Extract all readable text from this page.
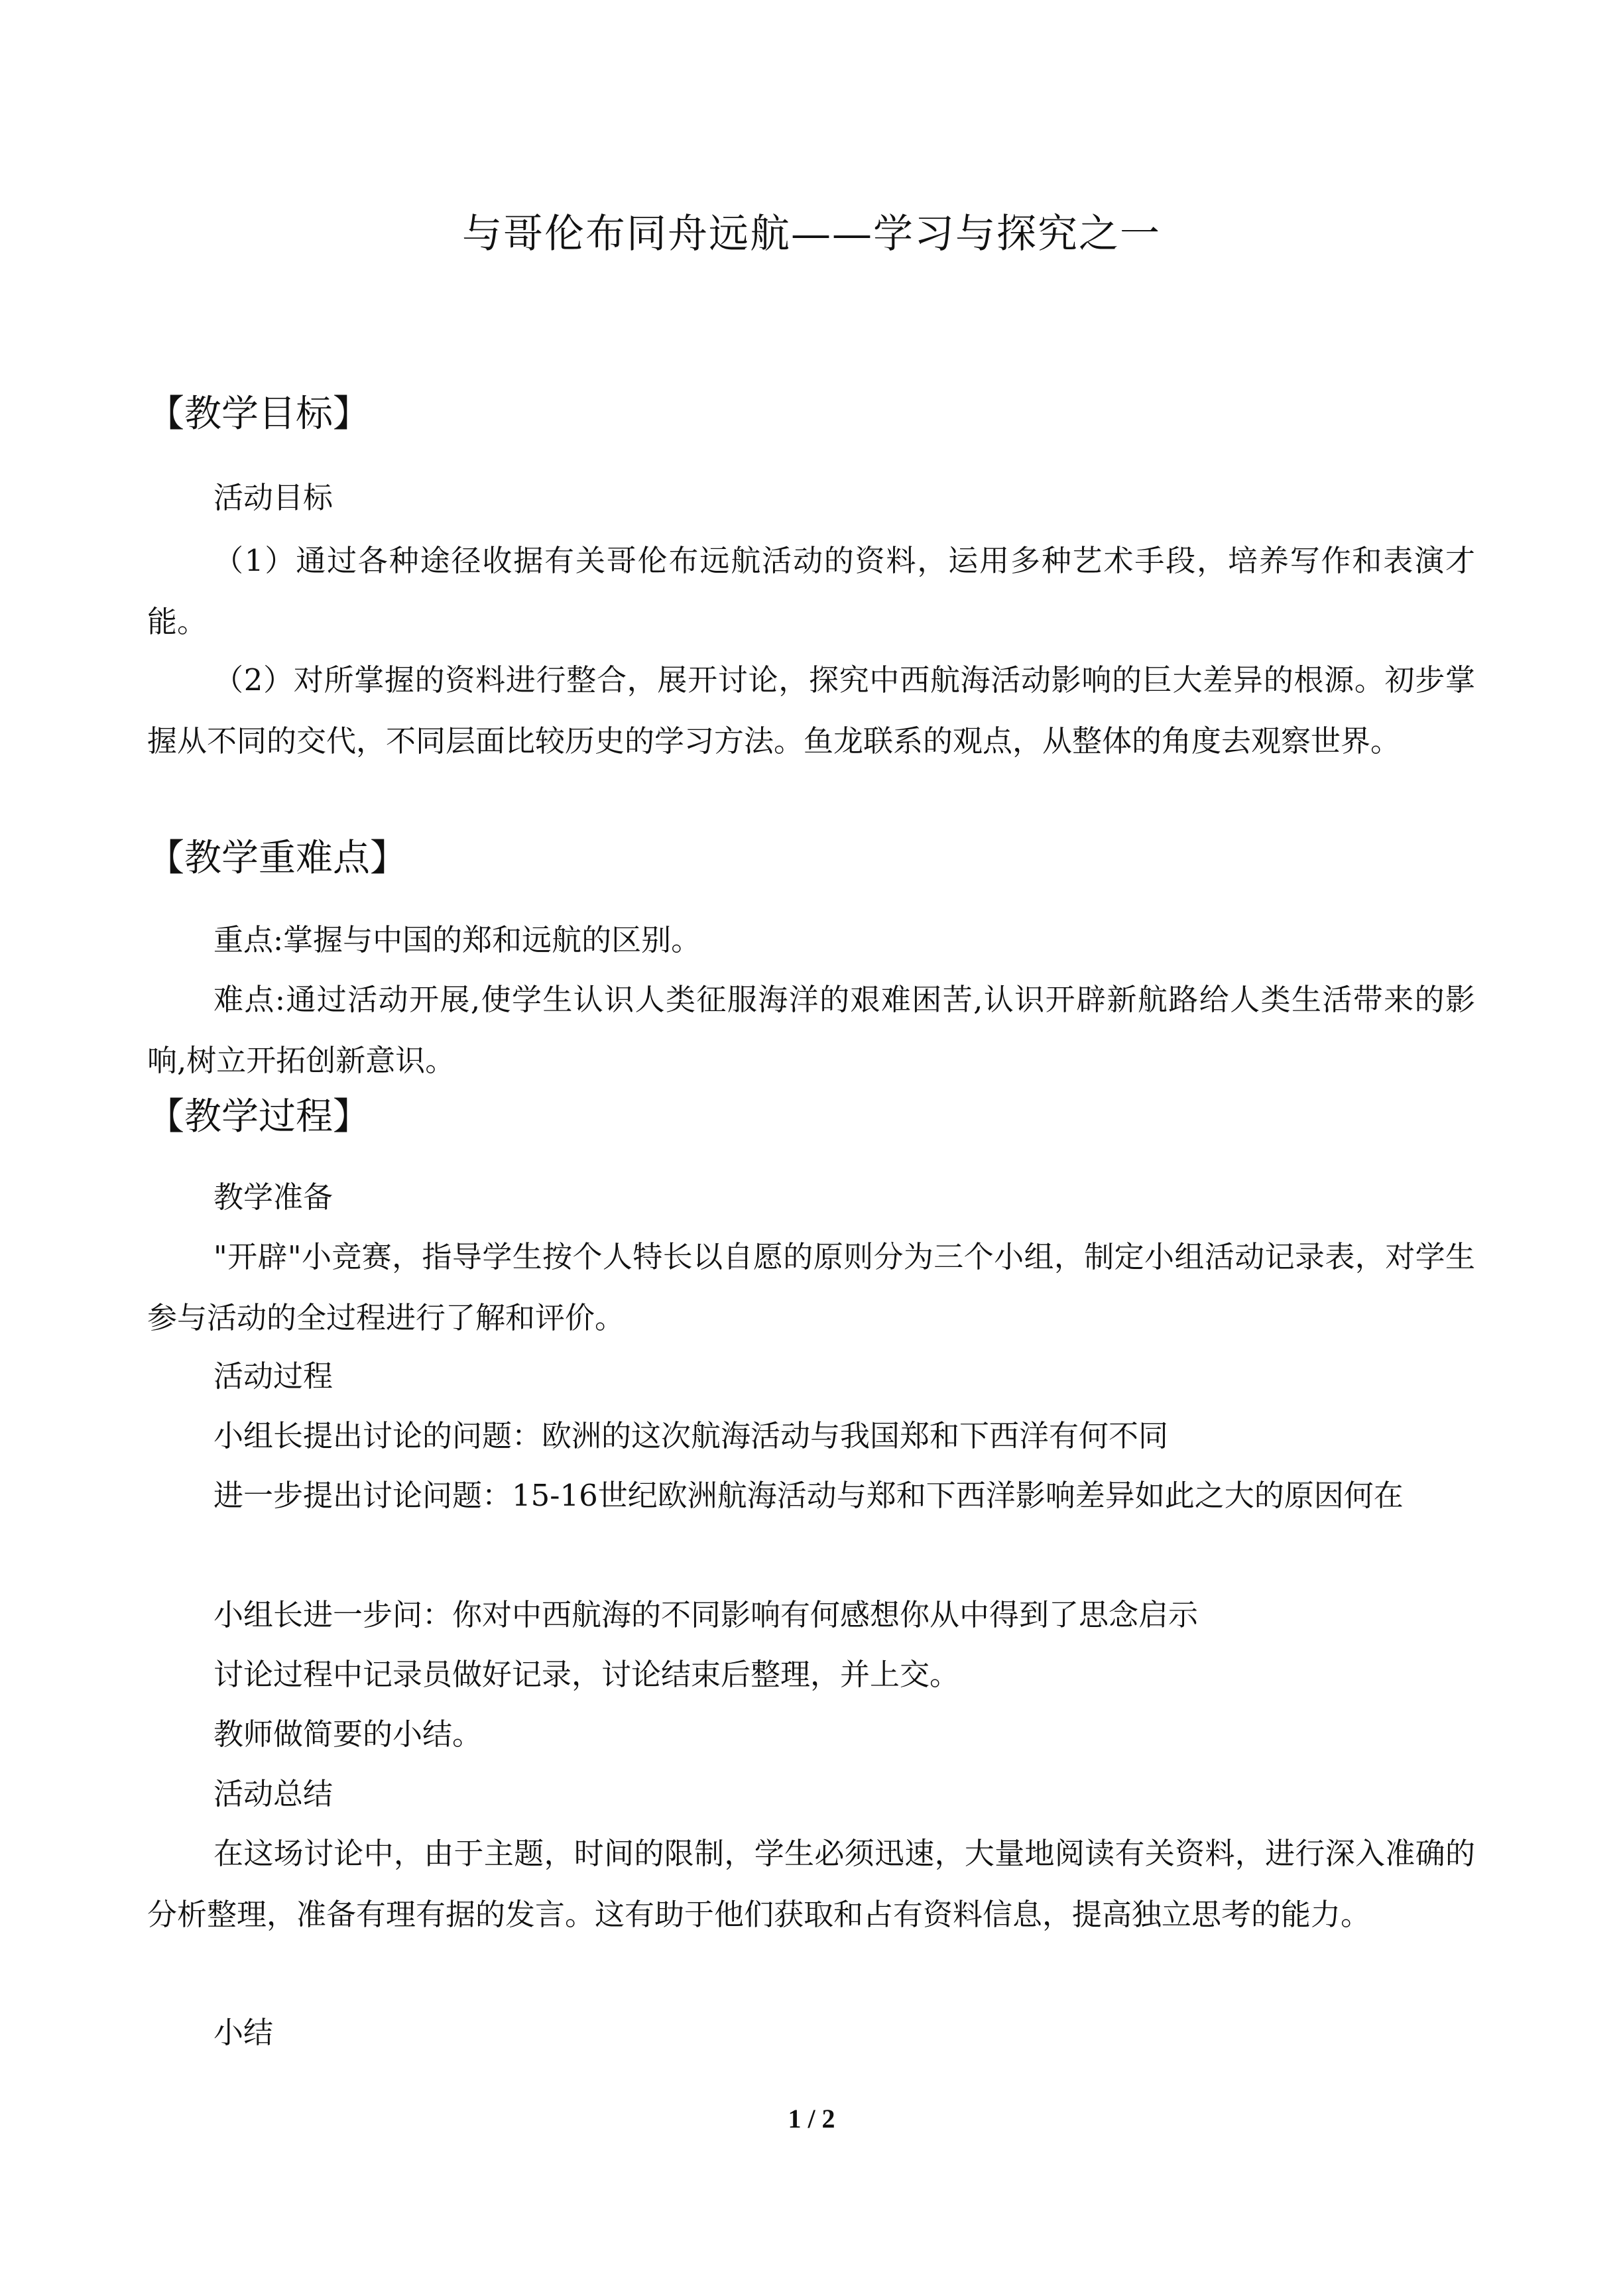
与哥伦布同舟远航——学习与探究之一
【教学目标】
活动目标
（1）通过各种途径收据有关哥伦布远航活动的资料，运用多种艺术手段，培养写作和表演才能。
（2）对所掌握的资料进行整合，展开讨论，探究中西航海活动影响的巨大差异的根源。初步掌握从不同的交代，不同层面比较历史的学习方法。鱼龙联系的观点，从整体的角度去观察世界。
【教学重难点】
重点:掌握与中国的郑和远航的区别。
难点:通过活动开展,使学生认识人类征服海洋的艰难困苦,认识开辟新航路给人类生活带来的影响,树立开拓创新意识。
【教学过程】
教学准备
"开辟"小竞赛，指导学生按个人特长以自愿的原则分为三个小组，制定小组活动记录表，对学生参与活动的全过程进行了解和评价。
活动过程
小组长提出讨论的问题：欧洲的这次航海活动与我国郑和下西洋有何不同
进一步提出讨论问题：15-16世纪欧洲航海活动与郑和下西洋影响差异如此之大的原因何在
小组长进一步问：你对中西航海的不同影响有何感想你从中得到了思念启示
讨论过程中记录员做好记录，讨论结束后整理，并上交。
教师做简要的小结。
活动总结
在这场讨论中，由于主题，时间的限制，学生必须迅速，大量地阅读有关资料，进行深入准确的分析整理，准备有理有据的发言。这有助于他们获取和占有资料信息，提高独立思考的能力。
小结
1 / 2
